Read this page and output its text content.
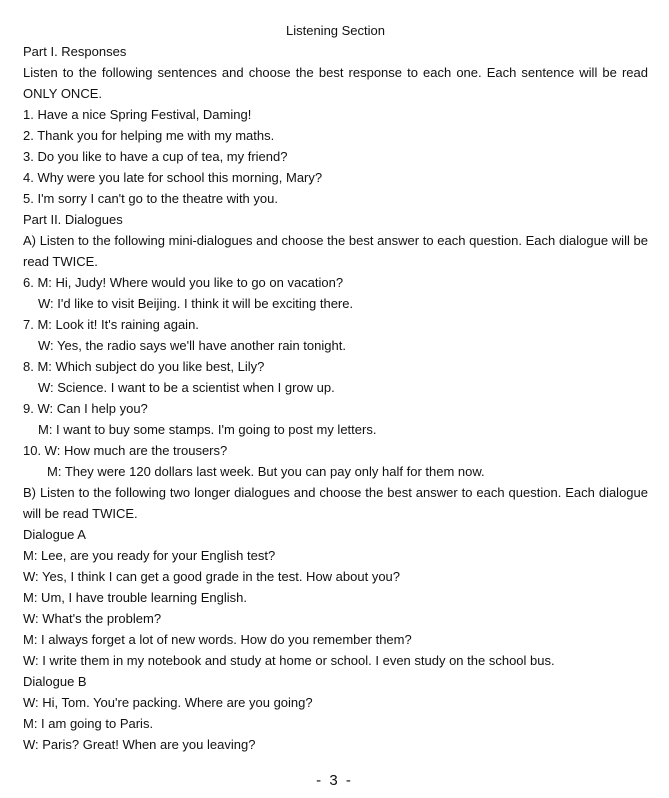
Listening Section
Part I. Responses
Listen to the following sentences and choose the best response to each one. Each sentence will be read ONLY ONCE.
1. Have a nice Spring Festival, Daming!
2. Thank you for helping me with my maths.
3. Do you like to have a cup of tea, my friend?
4. Why were you late for school this morning, Mary?
5. I'm sorry I can't go to the theatre with you.
Part II. Dialogues
A) Listen to the following mini-dialogues and choose the best answer to each question. Each dialogue will be read TWICE.
6. M: Hi, Judy! Where would you like to go on vacation?
W: I'd like to visit Beijing. I think it will be exciting there.
7. M: Look it! It's raining again.
W: Yes, the radio says we'll have another rain tonight.
8. M: Which subject do you like best, Lily?
W: Science. I want to be a scientist when I grow up.
9. W: Can I help you?
M: I want to buy some stamps. I'm going to post my letters.
10. W: How much are the trousers?
M: They were 120 dollars last week. But you can pay only half for them now.
B) Listen to the following two longer dialogues and choose the best answer to each question. Each dialogue will be read TWICE.
Dialogue A
M: Lee, are you ready for your English test?
W: Yes, I think I can get a good grade in the test. How about you?
M: Um, I have trouble learning English.
W: What's the problem?
M: I always forget a lot of new words. How do you remember them?
W: I write them in my notebook and study at home or school. I even study on the school bus.
Dialogue B
W: Hi, Tom. You're packing. Where are you going?
M: I am going to Paris.
W: Paris? Great! When are you leaving?
- 3 -
